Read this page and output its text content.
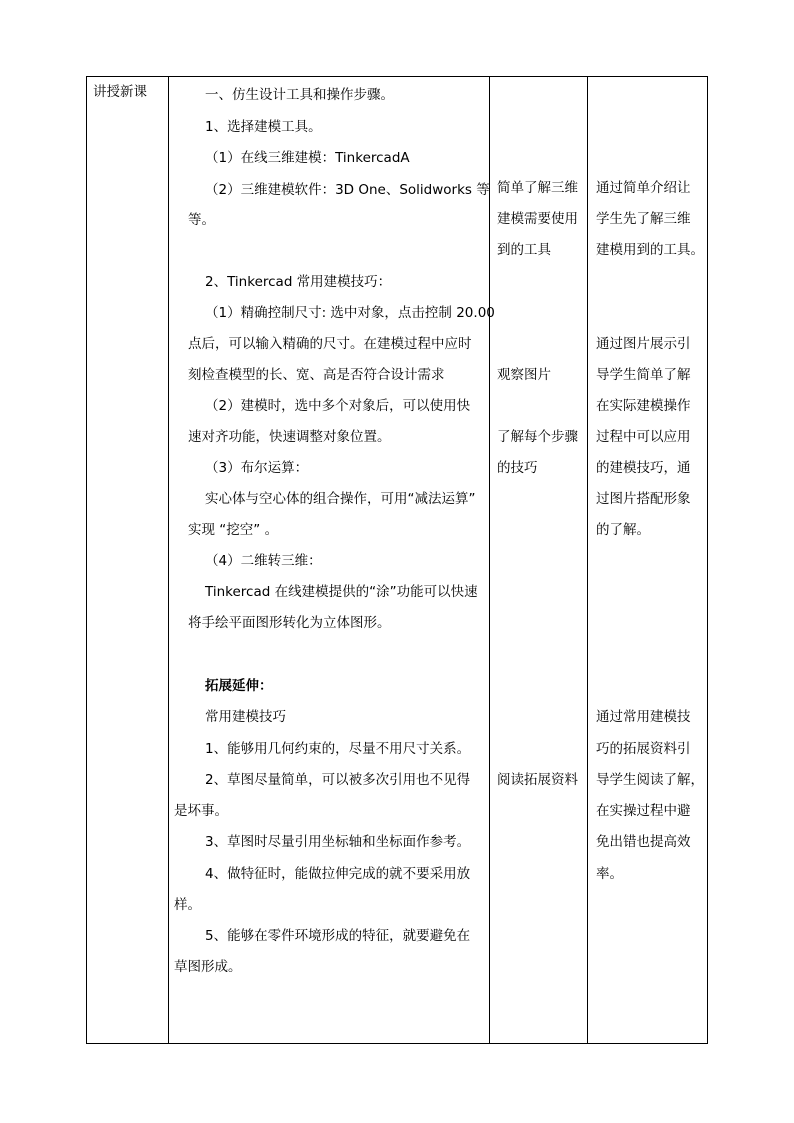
讲授新课	一、仿生设计工具和操作步骤。
1、选择建模工具。
（1）在线三维建模：TinkercadA
（2）三维建模软件：3D One、Solidworks 等
等。
2、Tinkercad 常用建模技巧：
（1）精确控制尺寸: 选中对象，点击控制 20.00
点后，可以输入精确的尺寸。在建模过程中应时
刻检查模型的长、宽、高是否符合设计需求
（2）建模时，选中多个对象后，可以使用快
速对齐功能，快速调整对象位置。
（3）布尔运算：
实心体与空心体的组合操作，可用“减法运算”
实现 “挖空” 。
（4）二维转三维：
Tinkercad 在线建模提供的“涂”功能可以快速
将手绘平面图形转化为立体图形。
拓展延伸：
常用建模技巧
1、能够用几何约束的，尽量不用尺寸关系。
2、草图尽量简单，可以被多次引用也不见得
是坏事。
3、草图时尽量引用坐标轴和坐标面作参考。
4、做特征时，能做拉伸完成的就不要采用放
样。
5、能够在零件环境形成的特征，就要避免在
草图形成。
简单了解三维
建模需要使用
到的工具
观察图片
了解每个步骤
的技巧
阅读拓展资料
通过简单介绍让
学生先了解三维
建模用到的工具。
通过图片展示引
导学生简单了解
在实际建模操作
过程中可以应用
的建模技巧，通
过图片搭配形象
的了解。
通过常用建模技
巧的拓展资料引
导学生阅读了解，
在实操过程中避
免出错也提高效
率。
